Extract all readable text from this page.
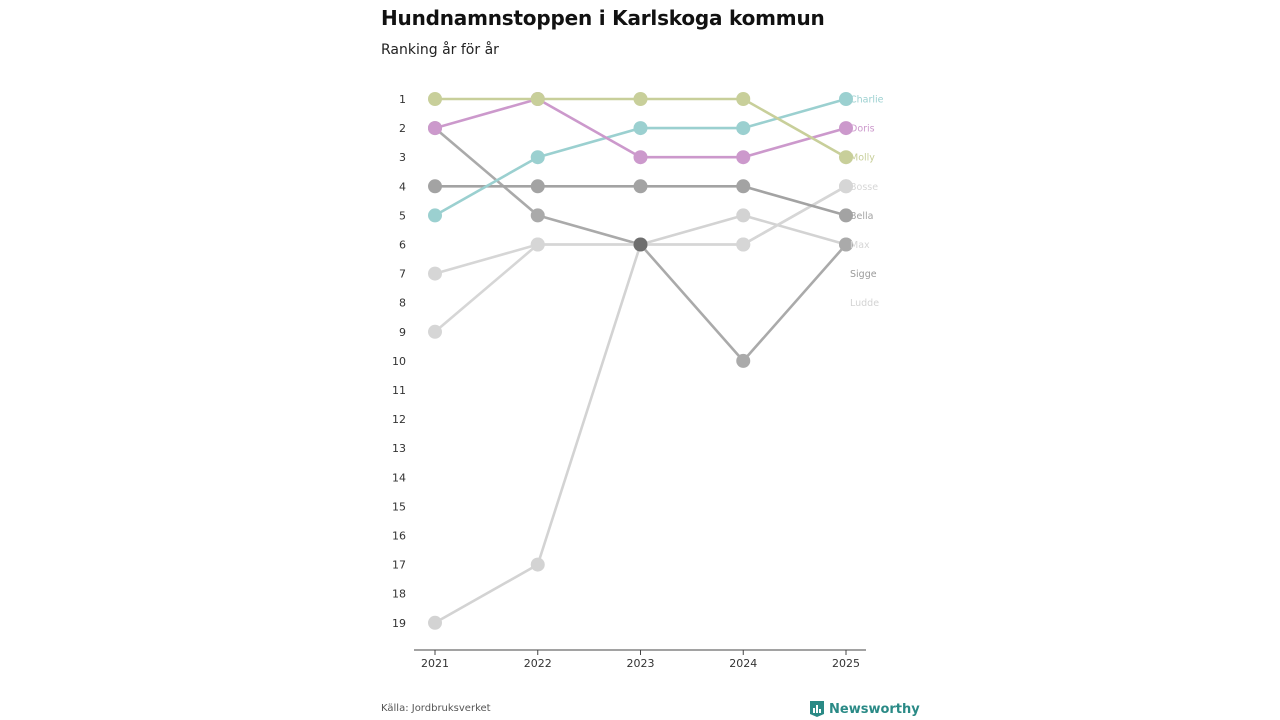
Hundnamnstoppen i Karlskoga kommun
Ranking år för år
1
2
3
4
5
6
7
8
9
10
11
12
13
14
15
16
17
18
19
2021	2022	2023	2024	2025
Charlie
Doris
Molly
Bosse
Bella
Max
Sigge
Ludde
Källa: Jordbruksverket	Newsworthy
